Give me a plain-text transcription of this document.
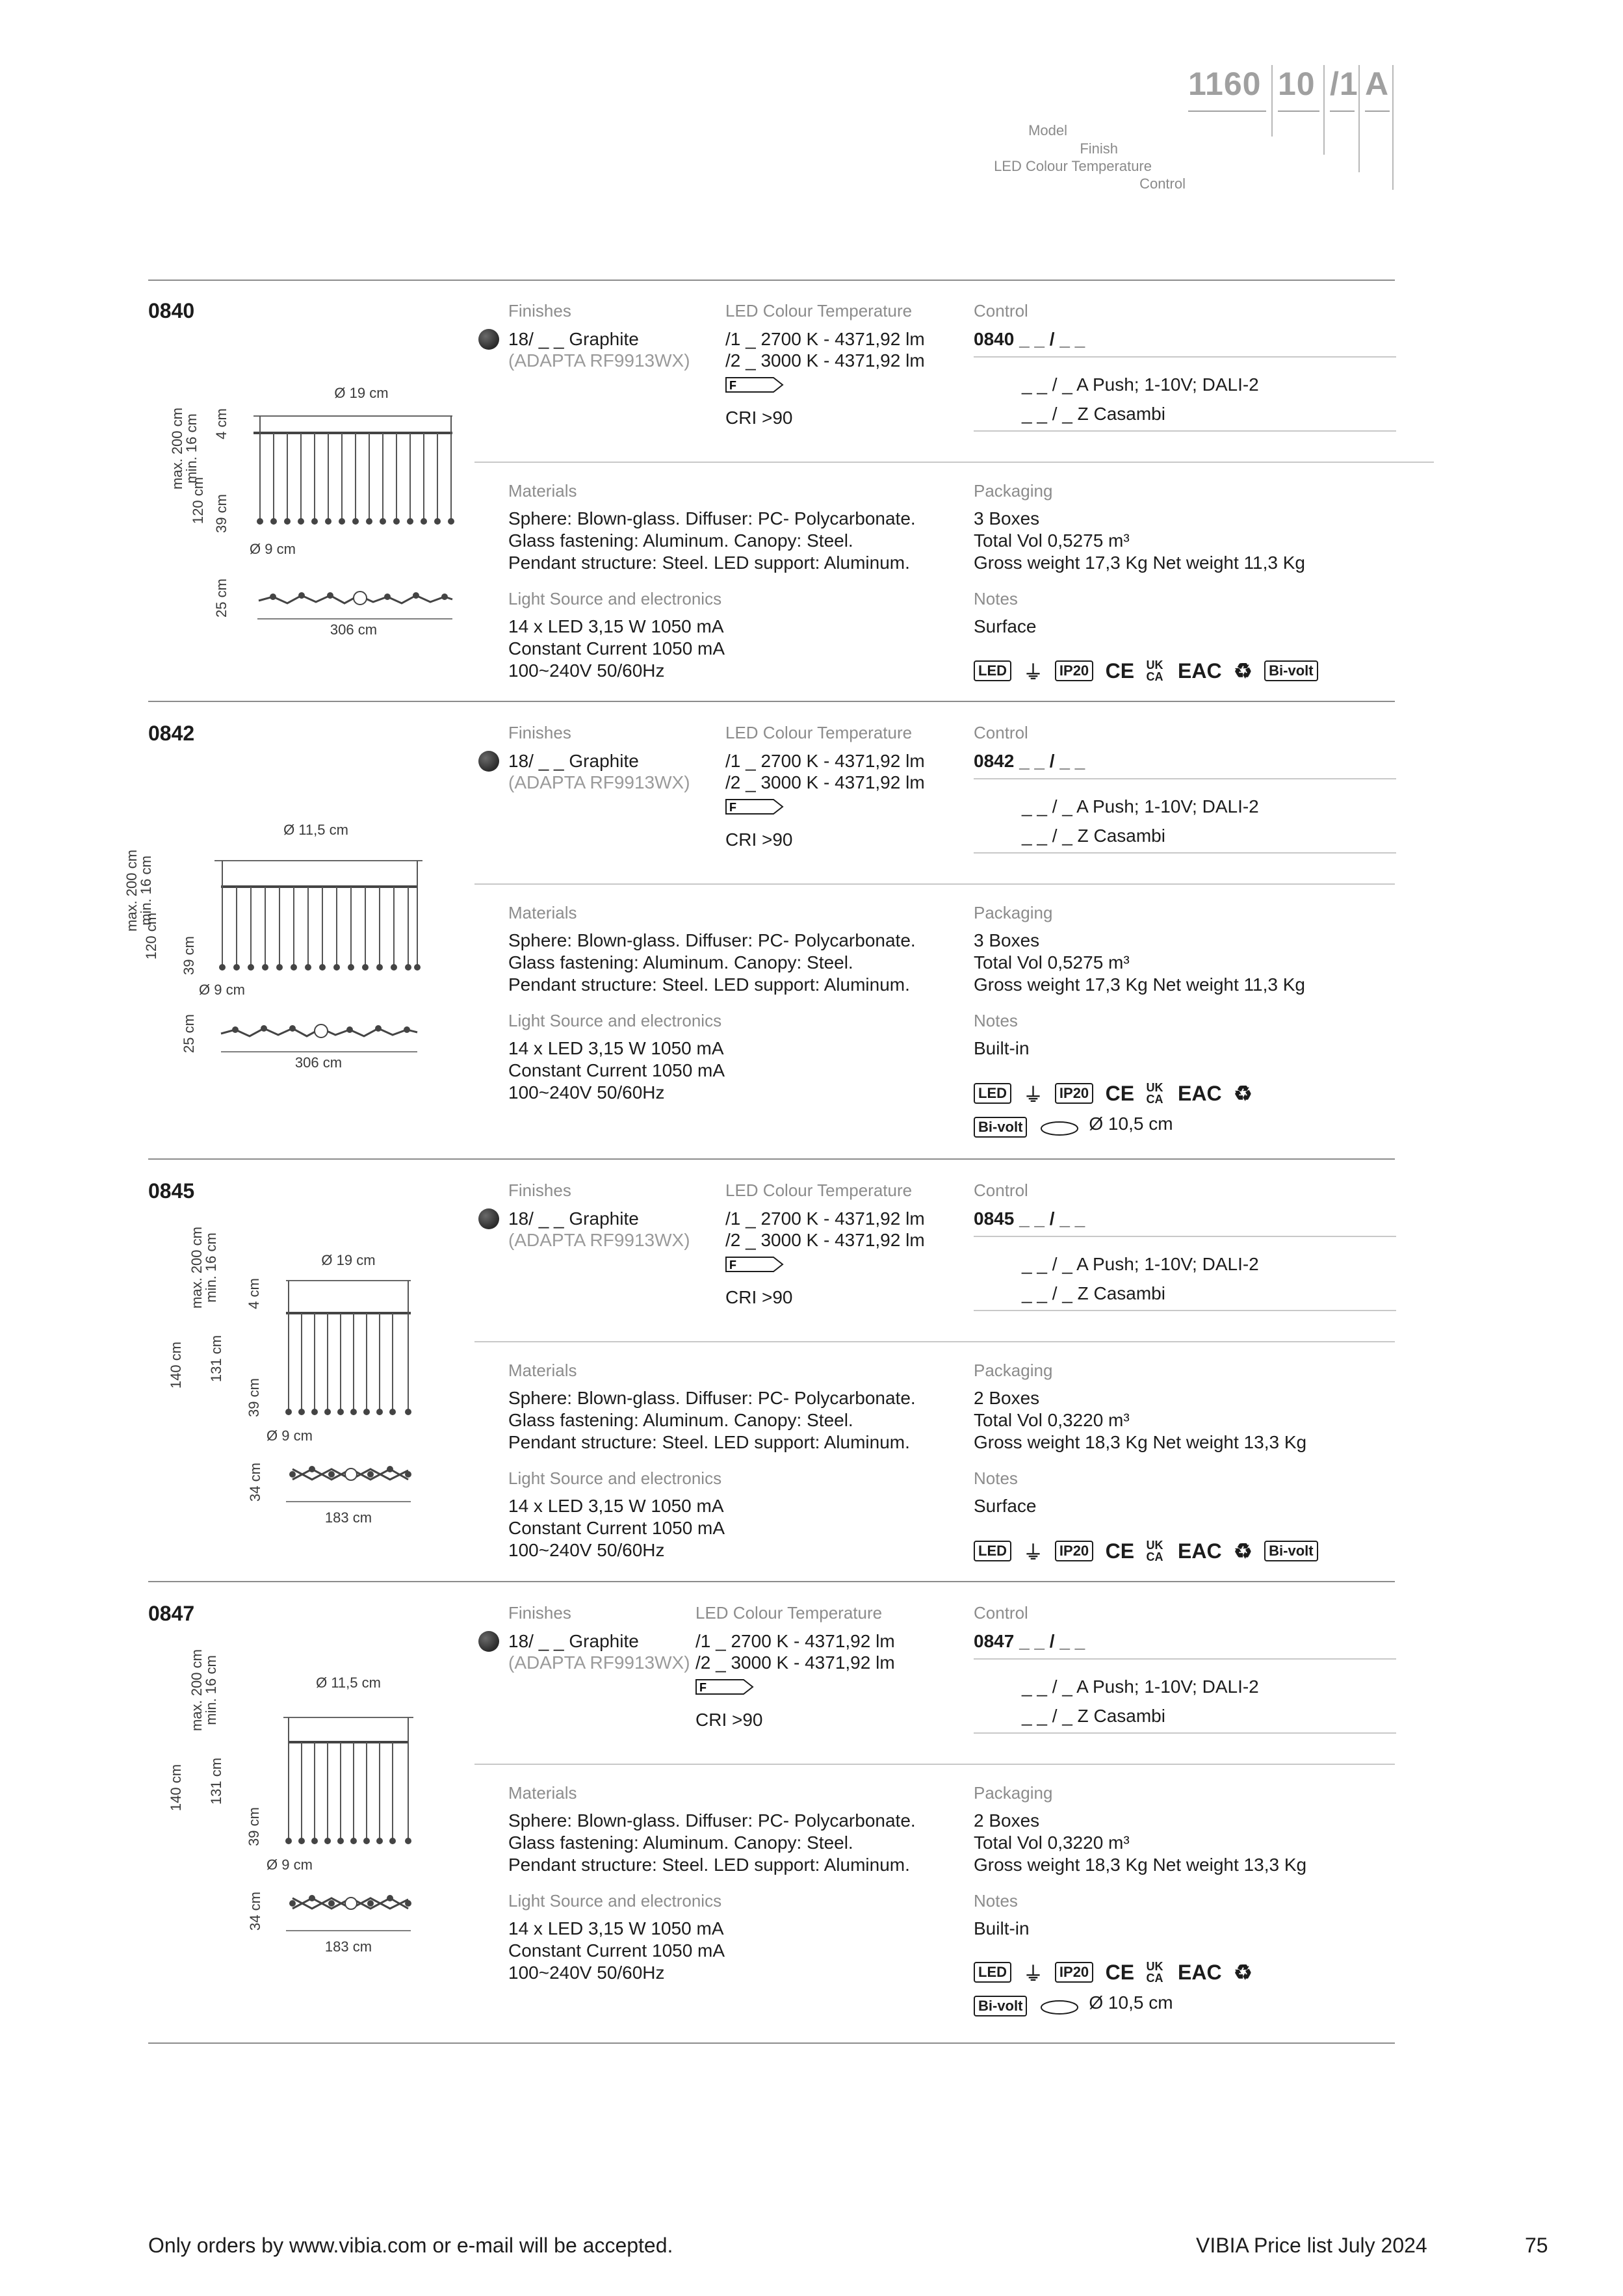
1160 10 /1 A
Model
Finish
LED Colour Temperature
Control
0840
max. 200 cm
min. 16 cm
120 cm
4 cm
39 cm
Ø 19 cm
Ø 9 cm
25 cm
306 cm
Finishes
18/ _ _ Graphite
(ADAPTA RF9913WX)
LED Colour Temperature
/1 _ 2700 K - 4371,92 lm
/2 _ 3000 K - 4371,92 lm
F
CRI >90
Control
0840 _ _ / _ _
_ _ / _ A Push; 1-10V; DALI-2
_ _ / _ Z Casambi
Materials
Sphere: Blown-glass. Diffuser: PC- Polycarbonate.
Glass fastening: Aluminum. Canopy: Steel.
Pendant structure: Steel. LED support: Aluminum.
Light Source and electronics
14 x LED 3,15 W 1050 mA
Constant Current 1050 mA
100~240V 50/60Hz
Packaging
3 Boxes
Total Vol 0,5275 m³
Gross weight 17,3 Kg Net weight 11,3 Kg
Notes
Surface
LED ⏚ IP20 CE UK CA EAC ♻ Bi-volt
0842
max. 200 cm
min. 16 cm
120 cm 39 cm
Ø 11,5 cm
Ø 9 cm
25 cm
306 cm
Finishes
18/ _ _ Graphite
(ADAPTA RF9913WX)
LED Colour Temperature
/1 _ 2700 K - 4371,92 lm
/2 _ 3000 K - 4371,92 lm
F
CRI >90
Control
0842 _ _ / _ _
_ _ / _ A Push; 1-10V; DALI-2
_ _ / _ Z Casambi
Materials
Sphere: Blown-glass. Diffuser: PC- Polycarbonate.
Glass fastening: Aluminum. Canopy: Steel.
Pendant structure: Steel. LED support: Aluminum.
Light Source and electronics
14 x LED 3,15 W 1050 mA
Constant Current 1050 mA
100~240V 50/60Hz
Packaging
3 Boxes
Total Vol 0,5275 m³
Gross weight 17,3 Kg Net weight 11,3 Kg
Notes
Built-in
LED ⏚ IP20 CE UK CA EAC ♻
Bi-volt	Ø 10,5 cm
0845
max. 200 cm
min. 16 cm
140 cm 131 cm
4 cm
39 cm
Ø 19 cm
Ø 9 cm
34 cm
183 cm
Finishes
18/ _ _ Graphite
(ADAPTA RF9913WX)
LED Colour Temperature
/1 _ 2700 K - 4371,92 lm
/2 _ 3000 K - 4371,92 lm
F
CRI >90
Control
0845 _ _ / _ _
_ _ / _ A Push; 1-10V; DALI-2
_ _ / _ Z Casambi
Materials
Sphere: Blown-glass. Diffuser: PC- Polycarbonate.
Glass fastening: Aluminum. Canopy: Steel.
Pendant structure: Steel. LED support: Aluminum.
Light Source and electronics
14 x LED 3,15 W 1050 mA
Constant Current 1050 mA
100~240V 50/60Hz
Packaging
2 Boxes
Total Vol 0,3220 m³
Gross weight 18,3 Kg Net weight 13,3 Kg
Notes
Surface
LED ⏚ IP20 CE UK CA EAC ♻ Bi-volt
0847
max. 200 cm
min. 16 cm
140 cm 131 cm
39 cm
Ø 11,5 cm
Ø 9 cm
34 cm
183 cm
Finishes
18/ _ _ Graphite
(ADAPTA RF9913WX)
LED Colour Temperature
/1 _ 2700 K - 4371,92 lm
/2 _ 3000 K - 4371,92 lm
F
CRI >90
Control
0847 _ _ / _ _
_ _ / _ A Push; 1-10V; DALI-2
_ _ / _ Z Casambi
Materials
Sphere: Blown-glass. Diffuser: PC- Polycarbonate.
Glass fastening: Aluminum. Canopy: Steel.
Pendant structure: Steel. LED support: Aluminum.
Light Source and electronics
14 x LED 3,15 W 1050 mA
Constant Current 1050 mA
100~240V 50/60Hz
Packaging
2 Boxes
Total Vol 0,3220 m³
Gross weight 18,3 Kg Net weight 13,3 Kg
Notes
Built-in
LED ⏚ IP20 CE UK CA EAC ♻
Bi-volt	Ø 10,5 cm
Only orders by www.vibia.com or e-mail will be accepted.	VIBIA Price list July 2024	75
